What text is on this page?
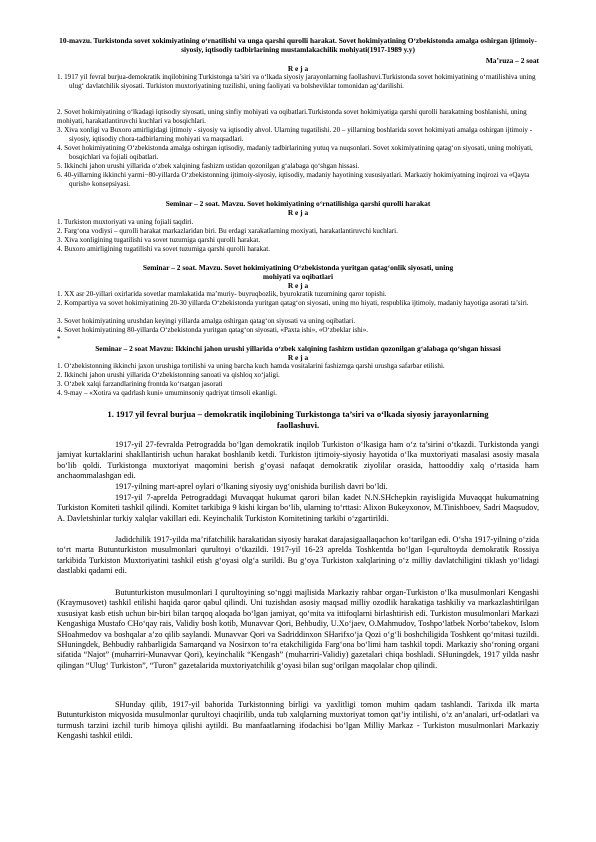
10-mavzu. Turkistonda sovet xokimiyatining o‘rnatilishi va unga qarshi qurolli harakat. Sovet hokimiyatining O‘zbekistonda amalga oshirgan ijtimoiy-siyosiy, iqtisodiy tadbirlarining mustamlakachilik mohiyati(1917-1989 y.y)
Ma’ruza – 2 soat
R e j a
1. 1917 yil fevral burjua-demokratik inqilobining Turkistonga ta’siri va o‘lkada siyosiy jarayonlarning faollashuvi.Turkistonda sovet hokimiyatining o‘rnatilishiva uning ulug‘ davlatchilik siyosati. Turkiston muxtoriyatining tuzilishi, uning faoliyati va bolsheviklar tomonidan ag‘darilishi.
2. Sovet hokimiyatining o‘lkadagi iqtisodiy siyosati, uning sinfiy mohiyati va oqibatlari.Turkistonda sovet hokimiyatiga qarshi qurolli harakatning boshlanishi, uning mohiyati, harakatlantiruvchi kuchlari va bosqichlari.
3. Xiva xonligi va Buxoro amirligidagi ijtimoiy - siyosiy va iqtisodiy ahvol. Ularning tugatilishi. 20 – yillarning boshlarida sovet hokimiyati amalga oshirgan ijtimoiy - siyosiy, iqtisodiy chora-tadbirlarning mohiyati va maqsadlari.
4. Sovet hokimiyatining O‘zbekistonda amalga oshirgan iqtisodiy, madaniy tadbirlarining yutuq va nuqsonlari. Sovet xokimiyatining qatag‘on siyosati, uning mohiyati, bosqichlari va fojiali oqibatlari.
5. Ikkinchi jahon urushi yillarida o‘zbek xalqining fashizm ustidan qozonilgan g‘alabaga qo‘shgan hissasi.
6. 40-yillarning ikkinchi yarmi−80-yillarda O‘zbekistonning ijtimoiy-siyosiy, iqtisodiy, madaniy hayotining xususiyatlari. Markaziy hokimiyatning inqirozi va «Qayta qurish» konsepsiyasi.
Seminar – 2 soat. Mavzu. Sovet hokimiyatining o‘rnatilishiga qarshi qurolli harakat
R e j a
1. Turkiston muxtoriyati va uning fojiali taqdiri.
2. Farg‘ona vodiysi – qurolli harakat markazlaridan biri. Bu erdagi xarakatlarning moxiyati, harakatlantiruvchi kuchlari.
3. Xiva xonligining tugatilishi va sovet tuzumiga qarshi qurolli harakat.
4. Buxoro amirligining tugatilishi va sovet tuzumiga qarshi qurolli harakat.
Seminar – 2 soat. Mavzu. Sovet hokimiyatining O‘zbekistonda yuritgan qatag‘onlik siyosati, uning
mohiyati va oqibatlari
R e j a
1. XX asr 20-yillari oxirlarida sovetlar mamlakatida ma’muriy- buyruqbozlik, byurokratik tuzumining qaror topishi.
2. Kompartiya va sovet hokimiyatining 20-30 yillarda O‘zbekistonda yuritgan qatag‘on siyosati, uning mo hiyati, respublika ijtimoiy, madaniy hayotiga asorati ta’siri.
3. Sovet hokimiyatining urushdan keyingi yillarda amalga oshirgan qatag‘on siyosati va uning oqibatlari.
4. Sovet hokimiyatining 80-yillarda O‘zbekistonda yuritgan qatag‘on siyosati, «Paxta ishi», «O‘zbeklar ishi».
*
Seminar – 2 soat Mavzu: Ikkinchi jahon urushi yillarida o‘zbek xalqining fashizm ustidan qozonilgan g‘alabaga qo‘shgan hissasi
R e j a
1. O‘zbekistonning ikkinchi jaxon urushiga tortilishi va uning barcha kuch hamda vositalarini fashizmga qarshi urushga safarbar etilishi.
2. Ikkinchi jahon urushi yillarida O‘zbekistonning sanoati va qishloq xo‘jaligi.
3. O‘zbek xalqi farzandlarining frontda ko‘rsatgan jasorati
4. 9-may – «Xotira va qadrlash kuni» umuminsoniy qadriyat timsoli ekanligi.
1. 1917 yil fevral burjua – demokratik inqilobining Turkistonga ta’siri va o‘lkada siyosiy jarayonlarning
faollashuvi.
1917-yil 27-fevralda Petrogradda bo‘lgan demokratik inqilob Turkiston o‘lkasiga ham o‘z ta’sirini o‘tkazdi. Turkistonda yangi jamiyat kurtaklarini shakllantirish uchun harakat boshlanib ketdi. Turkiston ijtimoiy-siyosiy hayotida o‘lka muxtoriyati masalasi asosiy masala bo‘lib qoldi. Turkistonga muxtoriyat maqomini berish g‘oyasi nafaqat demokratik ziyolilar orasida, hattooddiy xalq o‘rtasida ham anchaommalashgan edi.
1917-yilning mart-aprel oylari o‘lkaning siyosiy uyg‘onishida burilish davri bo‘ldi.
1917-yil 7-aprelda Petrograddagi Muvaqqat hukumat qarori bilan kadet N.N.SHchepkin rayisligida Muvaqqat hukumatning Turkiston Komiteti tashkil qilindi. Komitet tarkibiga 9 kishi kirgan bo‘lib, ularning to‘rttasi: Alixon Bukeyxonov, M.Tinishboev, Sadri Maqsudov, A. Davletshinlar turkiy xalqlar vakillari edi. Keyinchalik Turkiston Komitetining tarkibi o‘zgartirildi.
Jadidchilik 1917-yilda ma’rifatchilik harakatidan siyosiy harakat darajasigaallaqachon ko‘tarilgan edi. O‘sha 1917-yilning o‘zida to‘rt marta Butunturkiston musulmonlari qurultoyi o‘tkazildi. 1917-yil 16-23 aprelda Toshkentda bo‘lgan I-qurultoyda demokratik Rossiya tarkibida Turkiston Muxtoriyatini tashkil etish g‘oyasi olg‘a surildi. Bu g‘oya Turkiston xalqlarining o‘z milliy davlatchiligini tiklash yo‘lidagi dastlabki qadami edi.
Butunturkiston musulmonlari I qurultoyining so‘nggi majlisida Markaziy rahbar organ-Turkiston o‘lka musulmonlari Kengashi (Kraymusovet) tashkil etilishi haqida qaror qabul qilindi. Uni tuzishdan asosiy maqsad milliy ozodlik harakatiga tashkiliy va markazlashtirilgan xususiyat kasb etish uchun bir-biri bilan tarqoq aloqada bo‘lgan jamiyat, qo‘mita va ittifoqlarni birlashtirish edi. Turkiston musulmonlari Markazi Kengashiga Mustafo CHo‘qay rais, Validiy bosh kotib, Munavvar Qori, Behbudiy, U.Xo‘jaev, O.Mahmudov, Toshpo‘latbek Norbo‘tabekov, Islom SHoahmedov va boshqalar a’zo qilib saylandi. Munavvar Qori va Sadriddinxon SHarifxo‘ja Qozi o‘g‘li boshchiligida Toshkent qo‘mitasi tuzildi. SHuningdek, Behbudiy rahbarligida Samarqand va Nosirxon to‘ra etakchiligida Farg‘ona bo‘limi ham tashkil topdi. Markaziy sho‘roning organi sifatida “Najot” (muharriri-Munavvar Qori), keyinchalik “Kengash” (muharriri-Validiy) gazetalari chiqa boshladi. SHuningdek, 1917 yilda nashr qilingan “Ulug‘ Turkiston”, “Turon” gazetalarida muxtoriyatchilik g‘oyasi bilan sug‘orilgan maqolalar chop qilindi.
SHunday qilib, 1917-yil bahorida Turkistonning birligi va yaxlitligi tomon muhim qadam tashlandi. Tarixda ilk marta Butunturkiston miqyosida musulmonlar qurultoyi chaqirilib, unda tub xalqlarning muxtoriyat tomon qat’iy intilishi, o‘z an’analari, urf-odatlari va turmush tarzini izchil turib himoya qilishi aytildi. Bu manfaatlarning ifodachisi bo‘lgan Milliy Markaz - Turkiston musulmonlari Markaziy Kengashi tashkil etildi.
